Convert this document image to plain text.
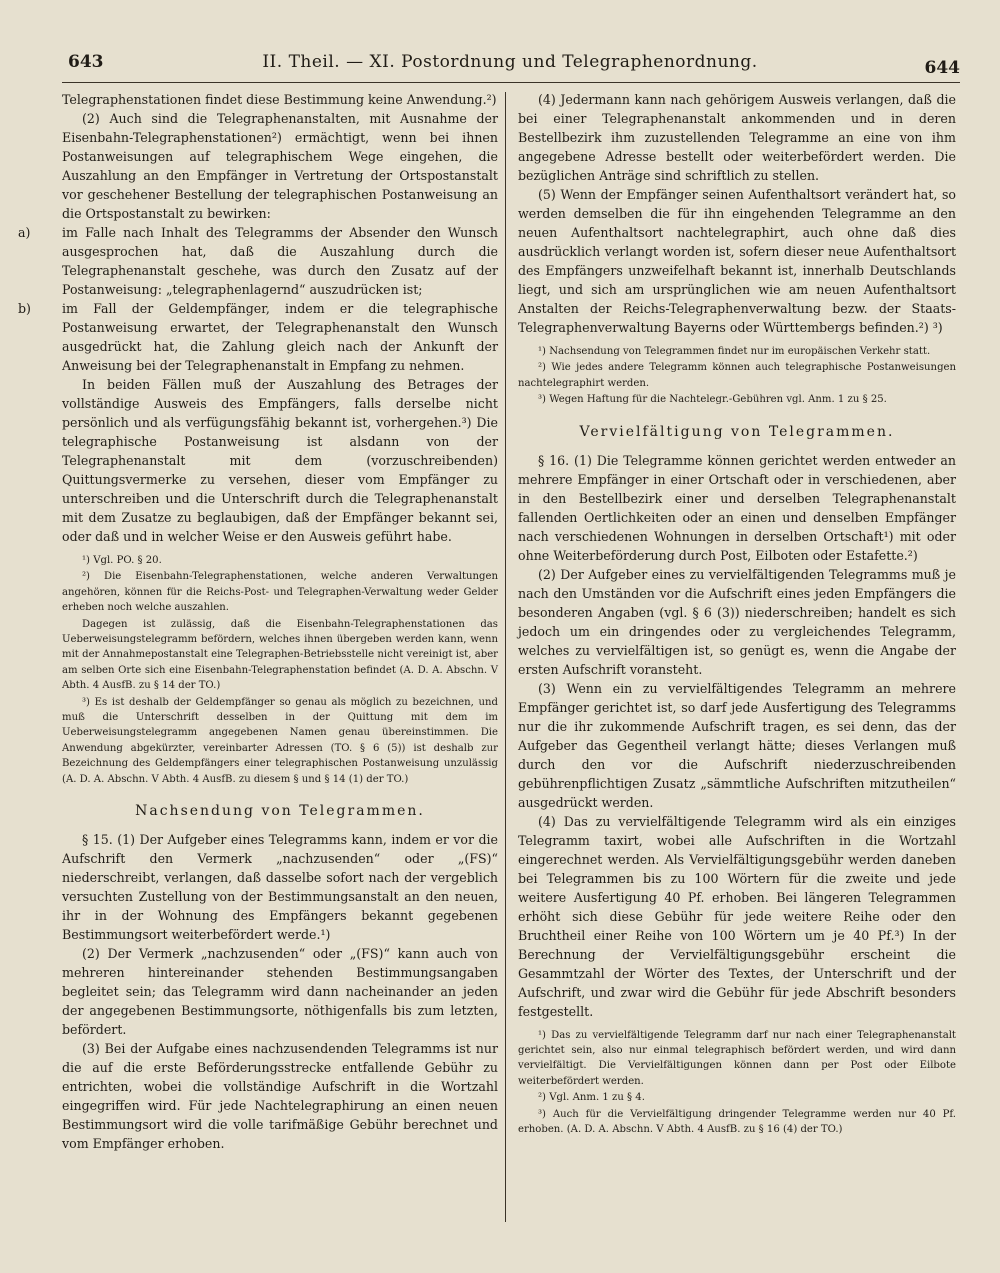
643	II. Theil. — XI. Postordnung und Telegraphenordnung.	644

Telegraphenstationen findet diese Bestimmung keine Anwendung.²)

(2) Auch sind die Telegraphenanstalten, mit Ausnahme der Eisenbahn-Telegraphenstationen²) ermächtigt, wenn bei ihnen Postanweisungen auf telegraphischem Wege eingehen, die Auszahlung an den Empfänger in Vertretung der Ortspostanstalt vor geschehener Bestellung der telegraphischen Postanweisung an die Ortspostanstalt zu bewirken:

a)	im Falle nach Inhalt des Telegramms der Absender den Wunsch ausgesprochen hat, daß die Auszahlung durch die Telegraphenanstalt geschehe, was durch den Zusatz auf der Postanweisung: „telegraphenlagernd“ auszudrücken ist;

b) im Fall der Geldempfänger, indem er die telegraphische Postanweisung erwartet, der Telegraphenanstalt den Wunsch ausgedrückt hat, die Zahlung gleich nach der Ankunft der Anweisung bei der Telegraphenanstalt in Empfang zu nehmen.

In beiden Fällen muß der Auszahlung des Betrages der vollständige Ausweis des Empfängers, falls derselbe nicht persönlich und als verfügungsfähig bekannt ist, vorhergehen.³) Die telegraphische Postanweisung ist alsdann von der Telegraphenanstalt mit dem (vorzuschreibenden) Quittungsvermerke zu versehen, dieser vom Empfänger zu unterschreiben und die Unterschrift durch die Telegraphenanstalt mit dem Zusatze zu beglaubigen, daß der Empfänger bekannt sei, oder daß und in welcher Weise er den Ausweis geführt habe.

¹) Vgl. PO. § 20.

²) Die Eisenbahn-Telegraphenstationen, welche anderen Verwaltungen angehören, können für die Reichs-Post- und Telegraphen-Verwaltung weder Gelder erheben noch welche auszahlen.

Dagegen ist zulässig, daß die Eisenbahn-Telegraphenstationen das Ueberweisungstelegramm befördern, welches ihnen übergeben werden kann, wenn mit der Annahmepostanstalt eine Telegraphen-Betriebsstelle nicht vereinigt ist, aber am selben Orte sich eine Eisenbahn-Telegraphenstation befindet (A. D. A. Abschn. V Abth. 4 AusfB. zu § 14 der TO.)

³) Es ist deshalb der Geldempfänger so genau als möglich zu bezeichnen, und muß die Unterschrift desselben in der Quittung mit dem im Ueberweisungstelegramm angegebenen Namen genau übereinstimmen. Die Anwendung abgekürzter, vereinbarter Adressen (TO. § 6 (5)) ist deshalb zur Bezeichnung des Geldempfängers einer telegraphischen Postanweisung unzulässig (A. D. A. Abschn. V Abth. 4 AusfB. zu diesem § und § 14 (1) der TO.)

Nachsendung von Telegrammen.

§ 15. (1) Der Aufgeber eines Telegramms kann, indem er vor die Aufschrift den Vermerk „nachzusenden“ oder „(FS)“ niederschreibt, verlangen, daß dasselbe sofort nach der vergeblich versuchten Zustellung von der Bestimmungsanstalt an den neuen, ihr in der Wohnung des Empfängers bekannt gegebenen Bestimmungsort weiterbefördert werde.¹)

(2) Der Vermerk „nachzusenden“ oder „(FS)“ kann auch von mehreren hintereinander stehenden Bestimmungsangaben begleitet sein; das Telegramm wird dann nacheinander an jeden der angegebenen Bestimmungsorte, nöthigenfalls bis zum letzten, befördert.

(3) Bei der Aufgabe eines nachzusendenden Telegramms ist nur die auf die erste Beförderungsstrecke entfallende Gebühr zu entrichten, wobei die vollständige Aufschrift in die Wortzahl eingegriffen wird. Für jede Nachtelegraphirung an einen neuen Bestimmungsort wird die volle tarifmäßige Gebühr berechnet und vom Empfänger erhoben.

(4) Jedermann kann nach gehörigem Ausweis verlangen, daß die bei einer Telegraphenanstalt ankommenden und in deren Bestellbezirk ihm zuzustellenden Telegramme an eine von ihm angegebene Adresse bestellt oder weiterbefördert werden. Die bezüglichen Anträge sind schriftlich zu stellen.

(5) Wenn der Empfänger seinen Aufenthaltsort verändert hat, so werden demselben die für ihn eingehenden Telegramme an den neuen Aufenthaltsort nachtelegraphirt, auch ohne daß dies ausdrücklich verlangt worden ist, sofern dieser neue Aufenthaltsort des Empfängers unzweifelhaft bekannt ist, innerhalb Deutschlands liegt, und sich am ursprünglichen wie am neuen Aufenthaltsort Anstalten der Reichs-Telegraphenverwaltung bezw. der Staats-Telegraphenverwaltung Bayerns oder Württembergs befinden.²) ³)

¹) Nachsendung von Telegrammen findet nur im europäischen Verkehr statt.

²) Wie jedes andere Telegramm können auch telegraphische Postanweisungen nachtelegraphirt werden.

³) Wegen Haftung für die Nachtelegr.-Gebühren vgl. Anm. 1 zu § 25.

Vervielfältigung von Telegrammen.

§ 16. (1) Die Telegramme können gerichtet werden entweder an mehrere Empfänger in einer Ortschaft oder in verschiedenen, aber in den Bestellbezirk einer und derselben Telegraphenanstalt fallenden Oertlichkeiten oder an einen und denselben Empfänger nach verschiedenen Wohnungen in derselben Ortschaft¹) mit oder ohne Weiterbeförderung durch Post, Eilboten oder Estafette.²)

(2) Der Aufgeber eines zu vervielfältigenden Telegramms muß je nach den Umständen vor die Aufschrift eines jeden Empfängers die besonderen Angaben (vgl. § 6 (3)) niederschreiben; handelt es sich jedoch um ein dringendes oder zu vergleichendes Telegramm, welches zu vervielfältigen ist, so genügt es, wenn die Angabe der ersten Aufschrift voransteht.

(3) Wenn ein zu vervielfältigendes Telegramm an mehrere Empfänger gerichtet ist, so darf jede Ausfertigung des Telegramms nur die ihr zukommende Aufschrift tragen, es sei denn, das der Aufgeber das Gegentheil verlangt hätte; dieses Verlangen muß durch den vor die Aufschrift niederzuschreibenden gebührenpflichtigen Zusatz „sämmtliche Aufschriften mitzutheilen“ ausgedrückt werden.

(4) Das zu vervielfältigende Telegramm wird als ein einziges Telegramm taxirt, wobei alle Aufschriften in die Wortzahl eingerechnet werden. Als Vervielfältigungsgebühr werden daneben bei Telegrammen bis zu 100 Wörtern für die zweite und jede weitere Ausfertigung 40 Pf. erhoben. Bei längeren Telegrammen erhöht sich diese Gebühr für jede weitere Reihe oder den Bruchtheil einer Reihe von 100 Wörtern um je 40 Pf.³) In der Berechnung der Vervielfältigungsgebühr erscheint die Gesammtzahl der Wörter des Textes, der Unterschrift und der Aufschrift, und zwar wird die Gebühr für jede Abschrift besonders festgestellt.

¹) Das zu vervielfältigende Telegramm darf nur nach einer Telegraphenanstalt gerichtet sein, also nur einmal telegraphisch befördert werden, und wird dann vervielfältigt. Die Vervielfältigungen können dann per Post oder Eilbote weiterbefördert werden.

²) Vgl. Anm. 1 zu § 4.

³) Auch für die Vervielfältigung dringender Telegramme werden nur 40 Pf. erhoben. (A. D. A. Abschn. V Abth. 4 AusfB. zu § 16 (4) der TO.)
